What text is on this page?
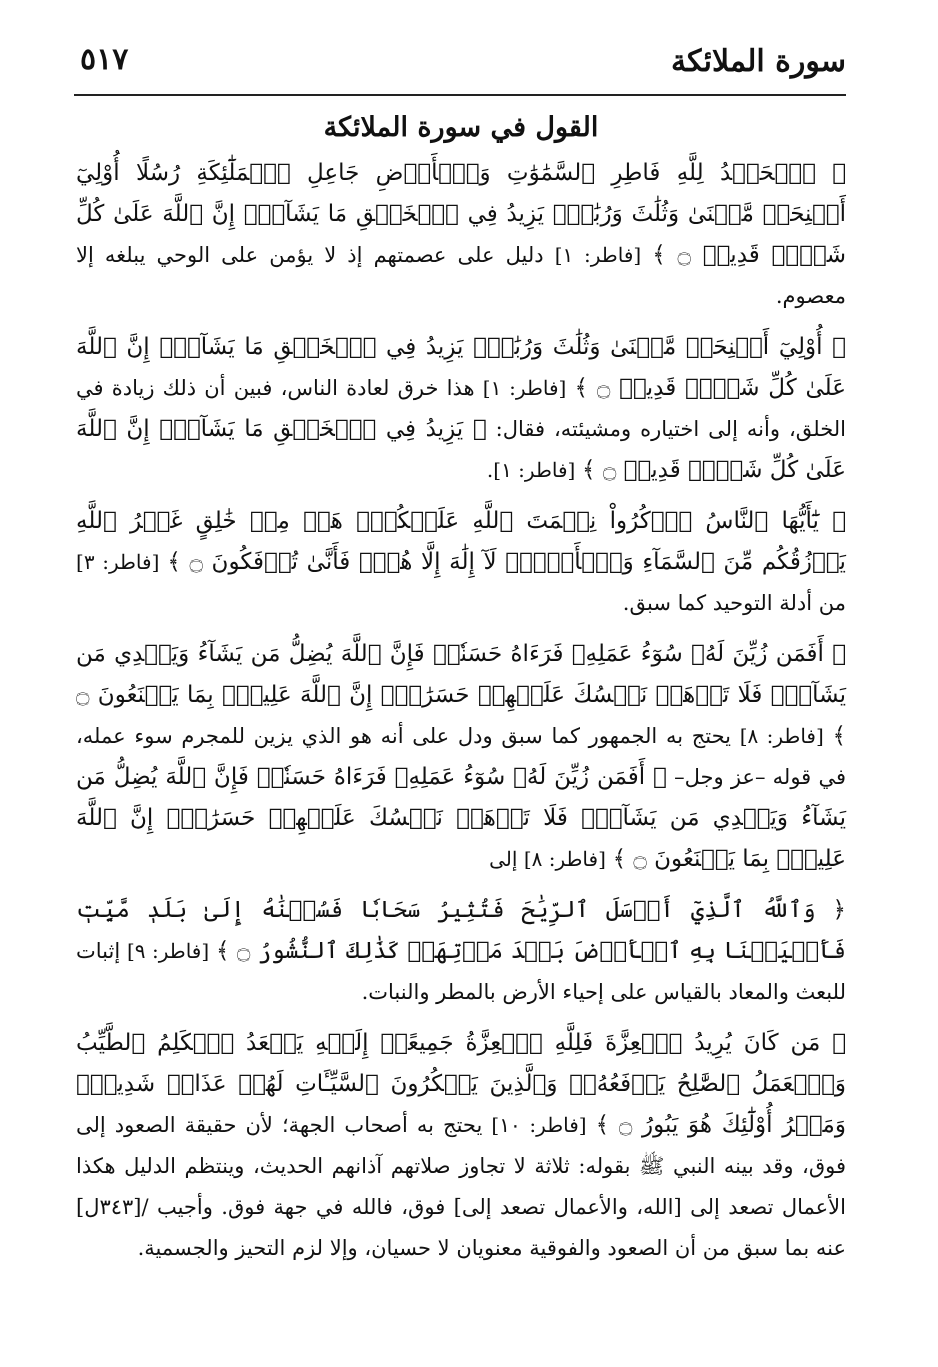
٥١٧	سورة الملائكة
القول في سورة الملائكة

﴿ ٱلۡحَمۡدُ لِلَّهِ فَاطِرِ ٱلسَّمَٰوَٰتِ وَٱلۡأَرۡضِ جَاعِلِ ٱلۡمَلَٰٓئِكَةِ رُسُلًا أُوْلِيٓ أَجۡنِحَةٖ مَّثۡنَىٰ وَثُلَٰثَ وَرُبَٰعَۚ يَزِيدُ فِي ٱلۡخَلۡقِ مَا يَشَآءُۚ إِنَّ ٱللَّهَ عَلَىٰ كُلِّ شَيۡءٖ قَدِيرٞ ۝ ﴾ [فاطر: ١] دليل على عصمتهم إذ لا يؤمن على الوحي يبلغه إلا معصوم.

﴿ أُوْلِيٓ أَجۡنِحَةٖ مَّثۡنَىٰ وَثُلَٰثَ وَرُبَٰعَۚ يَزِيدُ فِي ٱلۡخَلۡقِ مَا يَشَآءُۚ إِنَّ ٱللَّهَ عَلَىٰ كُلِّ شَيۡءٖ قَدِيرٞ ۝ ﴾ [فاطر: ١] هذا خرق لعادة الناس، فبين أن ذلك زيادة في الخلق، وأنه إلى اختياره ومشيئته، فقال: ﴿ يَزِيدُ فِي ٱلۡخَلۡقِ مَا يَشَآءُۚ إِنَّ ٱللَّهَ عَلَىٰ كُلِّ شَيۡءٖ قَدِيرٞ ۝ ﴾ [فاطر: ١].

﴿ يَٰٓأَيُّهَا ٱلنَّاسُ ٱذۡكُرُواْ نِعۡمَتَ ٱللَّهِ عَلَيۡكُمۡۚ هَلۡ مِنۡ خَٰلِقٍ غَيۡرُ ٱللَّهِ يَرۡزُقُكُم مِّنَ ٱلسَّمَآءِ وَٱلۡأَرۡضِۚ لَآ إِلَٰهَ إِلَّا هُوَۖ فَأَنَّىٰ تُؤۡفَكُونَ ۝ ﴾ [فاطر: ٣] من أدلة التوحيد كما سبق.

﴿ أَفَمَن زُيِّنَ لَهُۥ سُوٓءُ عَمَلِهِۦ فَرَءَاهُ حَسَنٗاۖ فَإِنَّ ٱللَّهَ يُضِلُّ مَن يَشَآءُ وَيَهۡدِي مَن يَشَآءُۖ فَلَا تَذۡهَبۡ نَفۡسُكَ عَلَيۡهِمۡ حَسَرَٰتٍۚ إِنَّ ٱللَّهَ عَلِيمُۢ بِمَا يَصۡنَعُونَ ۝ ﴾ [فاطر: ٨] يحتج به الجمهور كما سبق ودل على أنه هو الذي يزين للمجرم سوء عمله، في قوله –عز وجل– ﴿ أَفَمَن زُيِّنَ لَهُۥ سُوٓءُ عَمَلِهِۦ فَرَءَاهُ حَسَنٗاۖ فَإِنَّ ٱللَّهَ يُضِلُّ مَن يَشَآءُ وَيَهۡدِي مَن يَشَآءُۖ فَلَا تَذۡهَبۡ نَفۡسُكَ عَلَيۡهِمۡ حَسَرَٰتٍۚ إِنَّ ٱللَّهَ عَلِيمُۢ بِمَا يَصۡنَعُونَ ۝ ﴾ [فاطر: ٨] إلى

﴿ وَٱللَّهُ ٱلَّذِيٓ أَرۡسَلَ ٱلرِّيَٰحَ فَتُثِيرُ سَحَابٗا فَسُقۡنَٰهُ إِلَىٰ بَلَدٖ مَّيِّتٖ فَأَحۡيَيۡنَا بِهِ ٱلۡأَرۡضَ بَعۡدَ مَوۡتِهَاۚ كَذَٰلِكَ ٱلنُّشُورُ ۝ ﴾ [فاطر: ٩] إثبات للبعث والمعاد بالقياس على إحياء الأرض بالمطر والنبات.

﴿ مَن كَانَ يُرِيدُ ٱلۡعِزَّةَ فَلِلَّهِ ٱلۡعِزَّةُ جَمِيعًاۚ إِلَيۡهِ يَصۡعَدُ ٱلۡكَلِمُ ٱلطَّيِّبُ وَٱلۡعَمَلُ ٱلصَّٰلِحُ يَرۡفَعُهُۥۚ وَٱلَّذِينَ يَمۡكُرُونَ ٱلسَّيِّـَٔاتِ لَهُمۡ عَذَابٞ شَدِيدٞۖ وَمَكۡرُ أُوْلَٰٓئِكَ هُوَ يَبُورُ ۝ ﴾ [فاطر: ١٠] يحتج به أصحاب الجهة؛ لأن حقيقة الصعود إلى فوق، وقد بينه النبي ﷺ بقوله: ثلاثة لا تجاوز صلاتهم آذانهم الحديث، وينتظم الدليل هكذا الأعمال تصعد إلى [الله، والأعمال تصعد إلى] فوق، فالله في جهة فوق. وأجيب /[٣٤٣ل] عنه بما سبق من أن الصعود والفوقية معنويان لا حسيان، وإلا لزم التحيز والجسمية.
